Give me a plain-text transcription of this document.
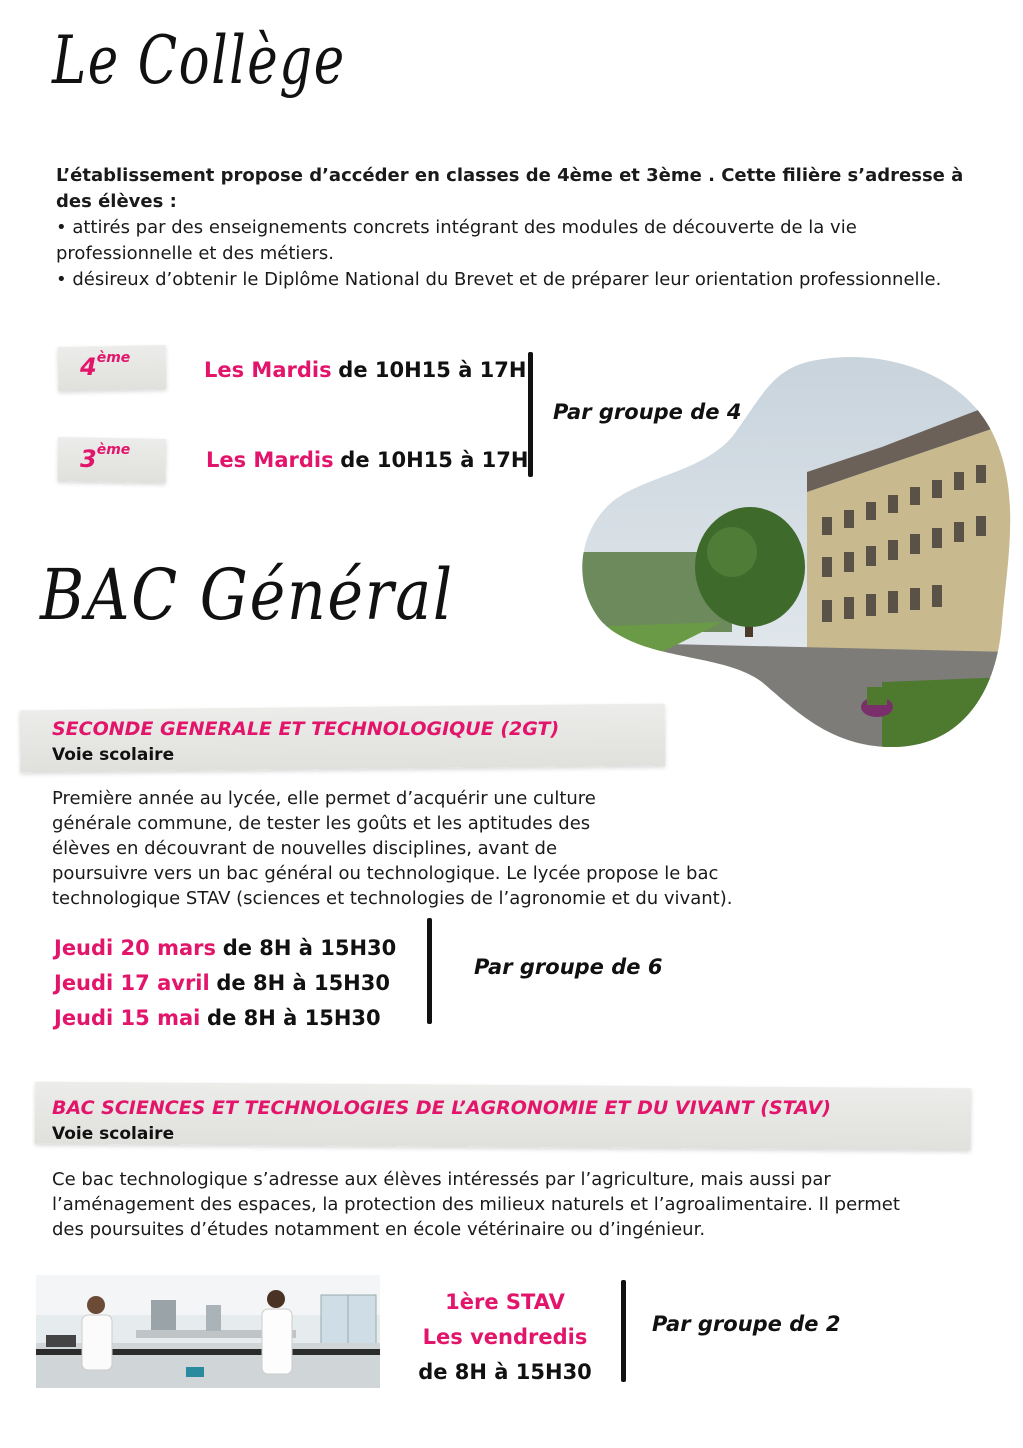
Le Collège
L’établissement propose d’accéder en classes de 4ème et 3ème . Cette filière s’adresse à des élèves :
• attirés par des enseignements concrets intégrant des modules de découverte de la vie professionnelle et des métiers.
• désireux d’obtenir le Diplôme National du Brevet et de préparer leur orientation professionnelle.
4ème	Les Mardis de 10H15 à 17H
3ème	Les Mardis de 10H15 à 17H
Par groupe de 4
BAC Général
SECONDE GENERALE ET TECHNOLOGIQUE (2GT)
Voie scolaire
Première année au lycée, elle permet d’acquérir une culture
générale commune, de tester les goûts et les aptitudes des
élèves en découvrant de nouvelles disciplines, avant de
poursuivre vers un bac général ou technologique. Le lycée propose le bac
technologique STAV (sciences et technologies de l’agronomie et du vivant).
Jeudi 20 mars de 8H à 15H30
Jeudi 17 avril de 8H à 15H30
Jeudi 15 mai de 8H à 15H30
Par groupe de 6
BAC SCIENCES ET TECHNOLOGIES DE L’AGRONOMIE ET DU VIVANT (STAV)
Voie scolaire
Ce bac technologique s’adresse aux élèves intéressés par l’agriculture, mais aussi par
l’aménagement des espaces, la protection des milieux naturels et l’agroalimentaire. Il permet
des poursuites d’études notamment en école vétérinaire ou d’ingénieur.
1ère STAV
Les vendredis
de 8H à 15H30
Par groupe de 2
